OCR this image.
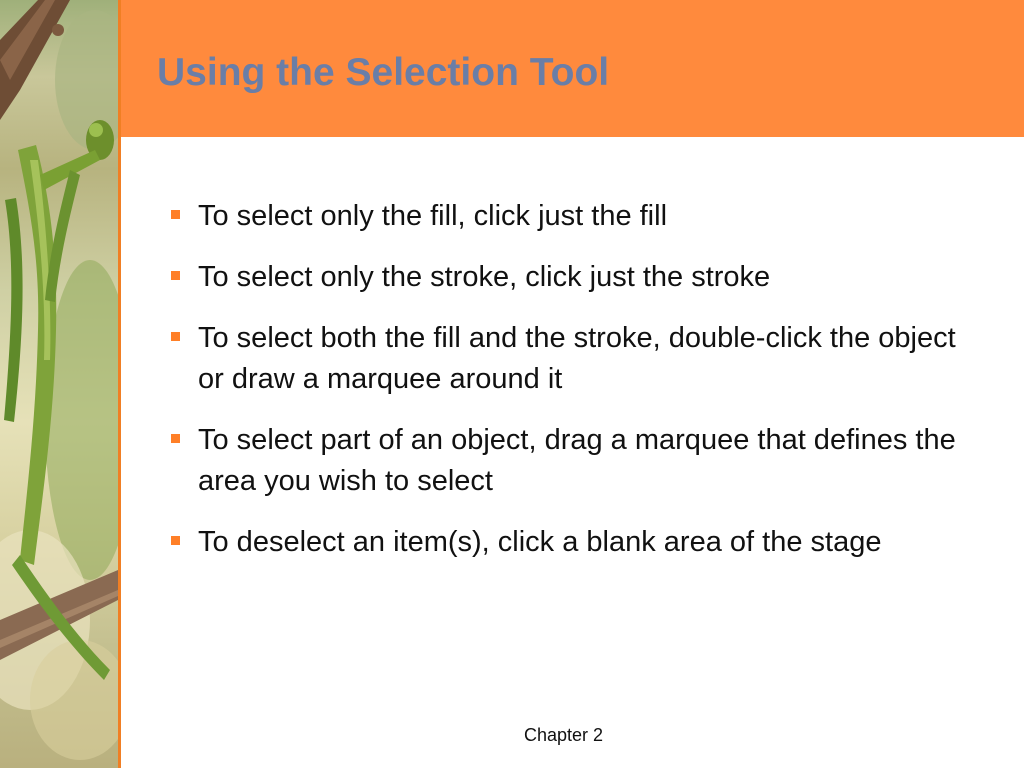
Using the Selection Tool
To select only the fill, click just the fill
To select only the stroke, click just the stroke
To select both the fill and the stroke, double-click the object or draw a marquee around it
To select part of an object, drag a marquee that defines the area you wish to select
To deselect an item(s), click a blank area of the stage
Chapter 2
